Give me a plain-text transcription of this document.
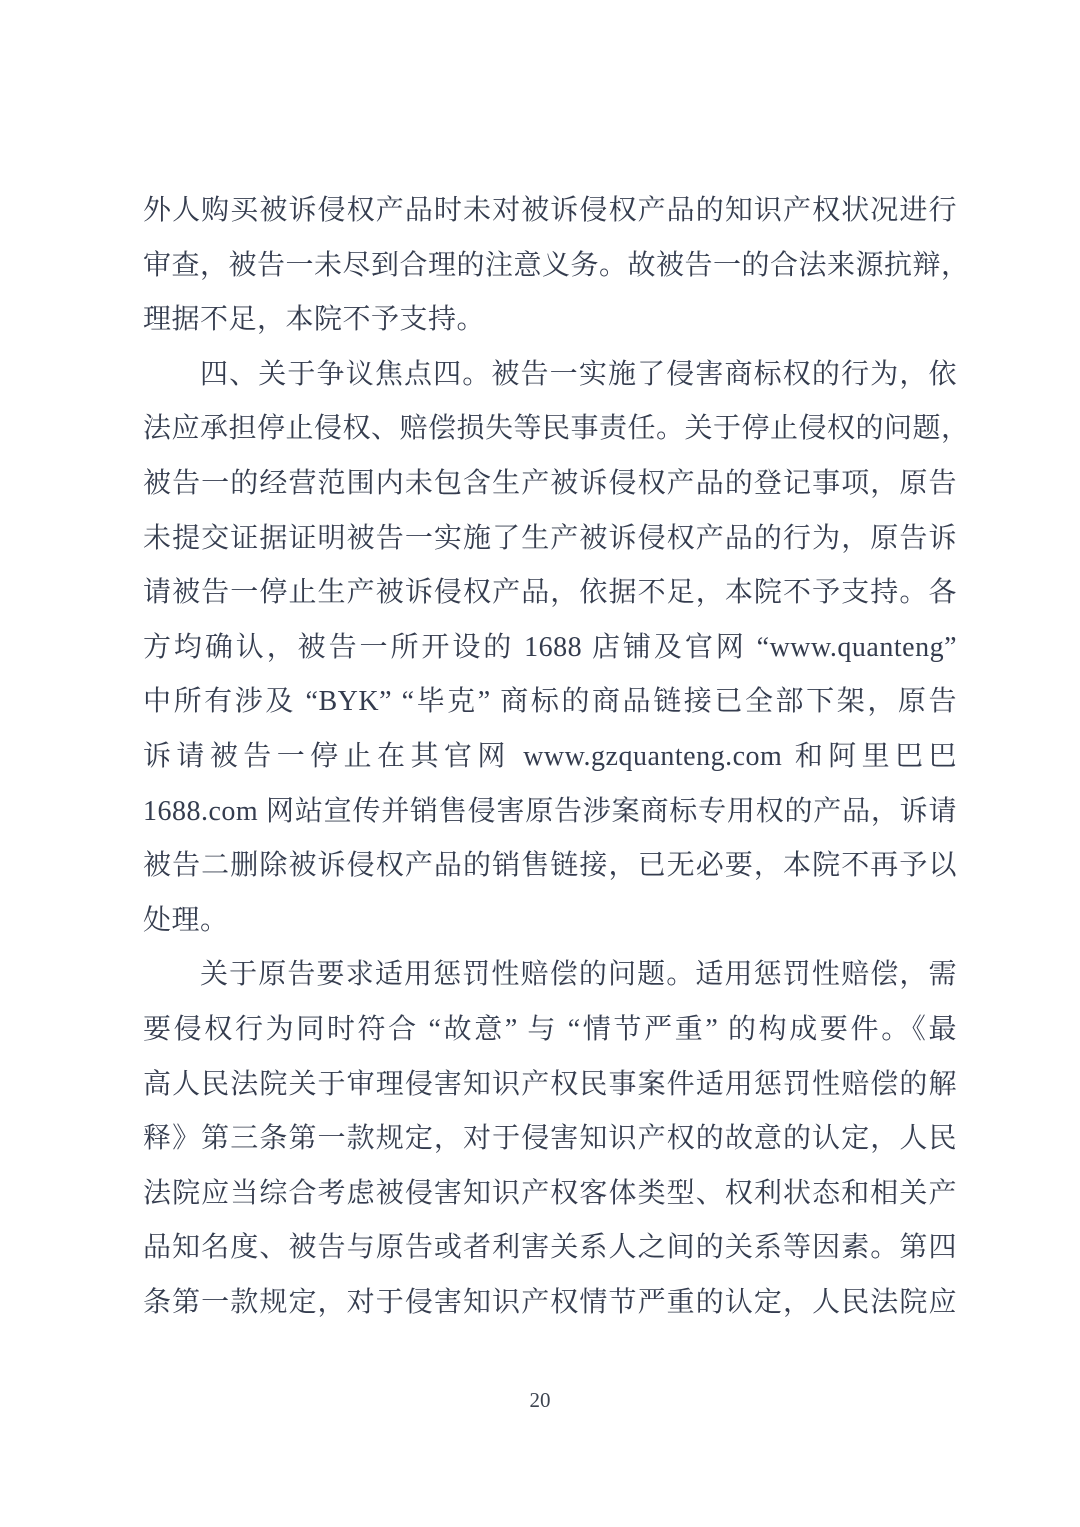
外人购买被诉侵权产品时未对被诉侵权产品的知识产权状况进行
审查，被告一未尽到合理的注意义务。故被告一的合法来源抗辩，
理据不足，本院不予支持。
四、关于争议焦点四。被告一实施了侵害商标权的行为，依
法应承担停止侵权、赔偿损失等民事责任。关于停止侵权的问题，
被告一的经营范围内未包含生产被诉侵权产品的登记事项，原告
未提交证据证明被告一实施了生产被诉侵权产品的行为，原告诉
请被告一停止生产被诉侵权产品，依据不足，本院不予支持。各
方均确认，被告一所开设的 1688 店铺及官网 “www.quanteng”
中所有涉及 “BYK” “毕克” 商标的商品链接已全部下架，原告
诉请被告一停止在其官网 www.gzquanteng.com 和阿里巴巴
1688.com 网站宣传并销售侵害原告涉案商标专用权的产品，诉请
被告二删除被诉侵权产品的销售链接，已无必要，本院不再予以
处理。
关于原告要求适用惩罚性赔偿的问题。适用惩罚性赔偿，需
要侵权行为同时符合 “故意” 与 “情节严重” 的构成要件。《最
高人民法院关于审理侵害知识产权民事案件适用惩罚性赔偿的解
释》第三条第一款规定，对于侵害知识产权的故意的认定，人民
法院应当综合考虑被侵害知识产权客体类型、权利状态和相关产
品知名度、被告与原告或者利害关系人之间的关系等因素。第四
条第一款规定，对于侵害知识产权情节严重的认定，人民法院应
20
